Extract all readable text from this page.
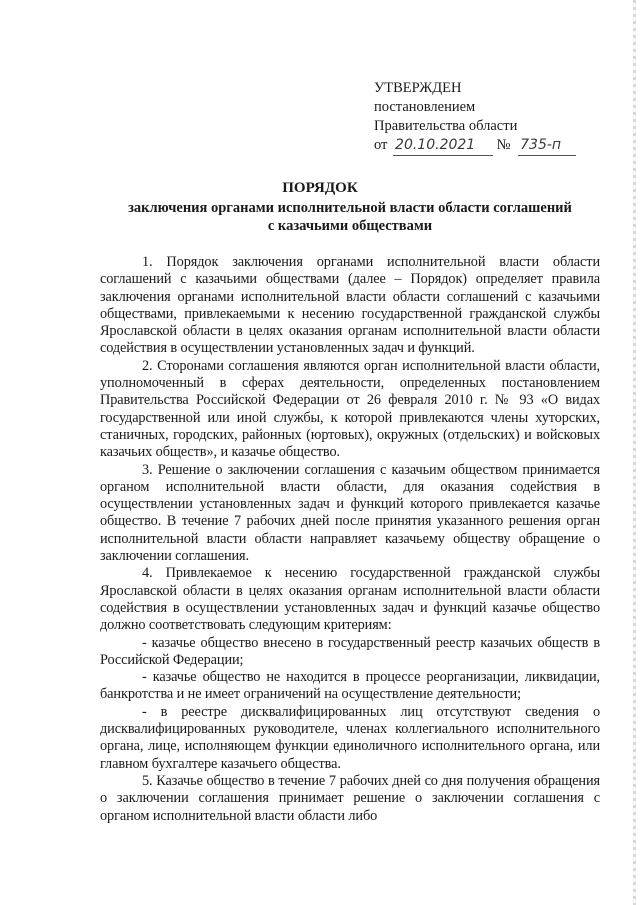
УТВЕРЖДЕН
постановлением
Правительства области
от 20.10.2021 № 735-п
ПОРЯДОК
заключения органами исполнительной власти области соглашений
с казачьими обществами

1. Порядок заключения органами исполнительной власти области соглашений с казачьими обществами (далее – Порядок) определяет правила заключения органами исполнительной власти области соглашений с казачьими обществами, привлекаемыми к несению государственной гражданской службы Ярославской области в целях оказания органам исполнительной власти области содействия в осуществлении установленных задач и функций.

2. Сторонами соглашения являются орган исполнительной власти области, уполномоченный в сферах деятельности, определенных постановлением Правительства Российской Федерации от 26 февраля 2010 г. № 93 «О видах государственной или иной службы, к которой привлекаются члены хуторских, станичных, городских, районных (юртовых), окружных (отдельских) и войсковых казачьих обществ», и казачье общество.

3. Решение о заключении соглашения с казачьим обществом принимается органом исполнительной власти области, для оказания содействия в осуществлении установленных задач и функций которого привлекается казачье общество. В течение 7 рабочих дней после принятия указанного решения орган исполнительной власти области направляет казачьему обществу обращение о заключении соглашения.

4. Привлекаемое к несению государственной гражданской службы Ярославской области в целях оказания органам исполнительной власти области содействия в осуществлении установленных задач и функций казачье общество должно соответствовать следующим критериям:

- казачье общество внесено в государственный реестр казачьих обществ в Российской Федерации;

- казачье общество не находится в процессе реорганизации, ликвидации, банкротства и не имеет ограничений на осуществление деятельности;

- в реестре дисквалифицированных лиц отсутствуют сведения о дисквалифицированных руководителе, членах коллегиального исполнительного органа, лице, исполняющем функции единоличного исполнительного органа, или главном бухгалтере казачьего общества.

5. Казачье общество в течение 7 рабочих дней со дня получения обращения о заключении соглашения принимает решение о заключении соглашения с органом исполнительной власти области либо
